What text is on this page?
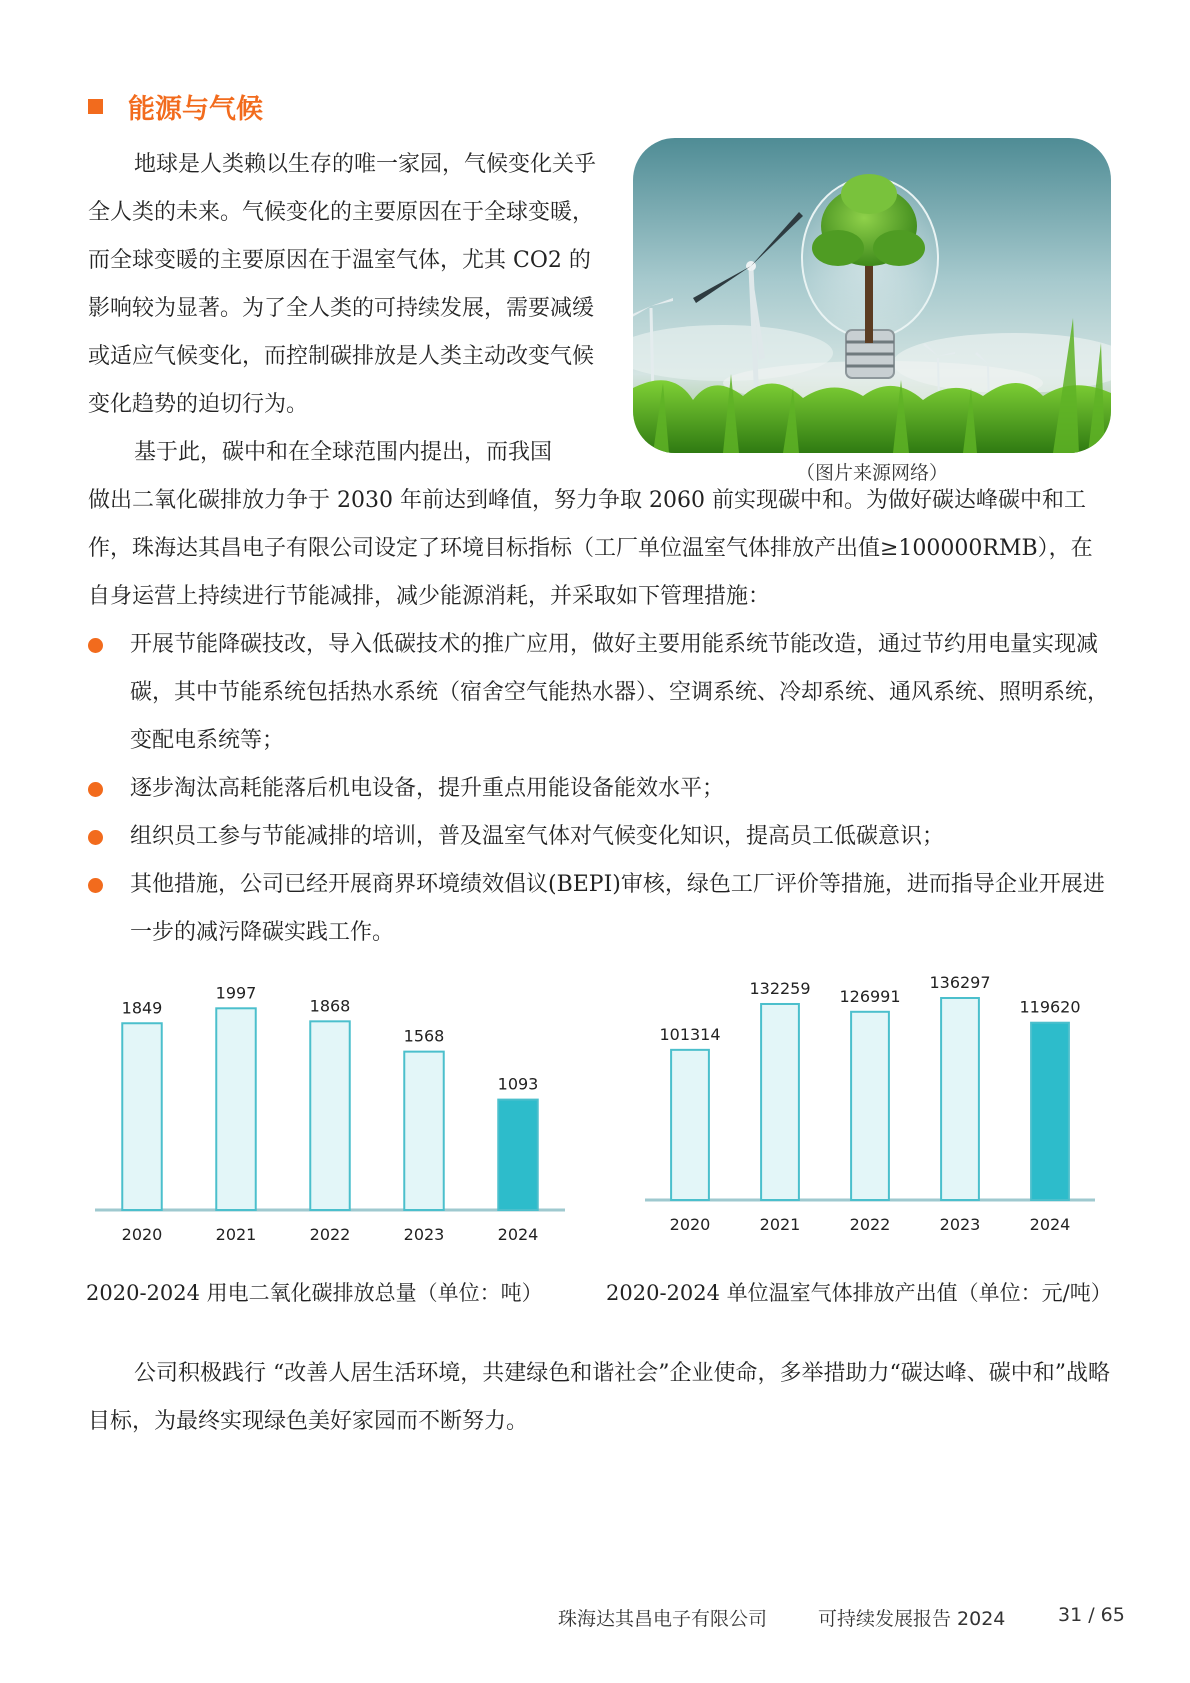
能源与气候

地球是人类赖以生存的唯一家园，气候变化关乎全人类的未来。气候变化的主要原因在于全球变暖，而全球变暖的主要原因在于温室气体，尤其 CO2 的影响较为显著。为了全人类的可持续发展，需要减缓或适应气候变化，而控制碳排放是人类主动改变气候变化趋势的迫切行为。

（图片来源网络）

基于此，碳中和在全球范围内提出，而我国

做出二氧化碳排放力争于 2030 年前达到峰值，努力争取 2060 前实现碳中和。为做好碳达峰碳中和工作，珠海达其昌电子有限公司设定了环境目标指标（工厂单位温室气体排放产出值≥100000RMB），在自身运营上持续进行节能减排，减少能源消耗，并采取如下管理措施：

开展节能降碳技改，导入低碳技术的推广应用，做好主要用能系统节能改造，通过节约用电量实现减碳，其中节能系统包括热水系统（宿舍空气能热水器）、空调系统、冷却系统、通风系统、照明系统，变配电系统等；
逐步淘汰高耗能落后机电设备，提升重点用能设备能效水平；
组织员工参与节能减排的培训，普及温室气体对气候变化知识，提高员工低碳意识；
其他措施，公司已经开展商界环境绩效倡议(BEPI)审核，绿色工厂评价等措施，进而指导企业开展进一步的减污降碳实践工作。
1849
2020
1997
2021
1868
2022
1568
2023
1093
2024
101314
2020
132259
2021
126991
2022
136297
2023
119620
2024
2020-2024 用电二氧化碳排放总量（单位：吨）	2020-2024 单位温室气体排放产出值（单位：元/吨）

公司积极践行 “改善人居生活环境，共建绿色和谐社会”企业使命，多举措助力“碳达峰、碳中和”战略目标，为最终实现绿色美好家园而不断努力。

珠海达其昌电子有限公司	可持续发展报告 2024	31 / 65
